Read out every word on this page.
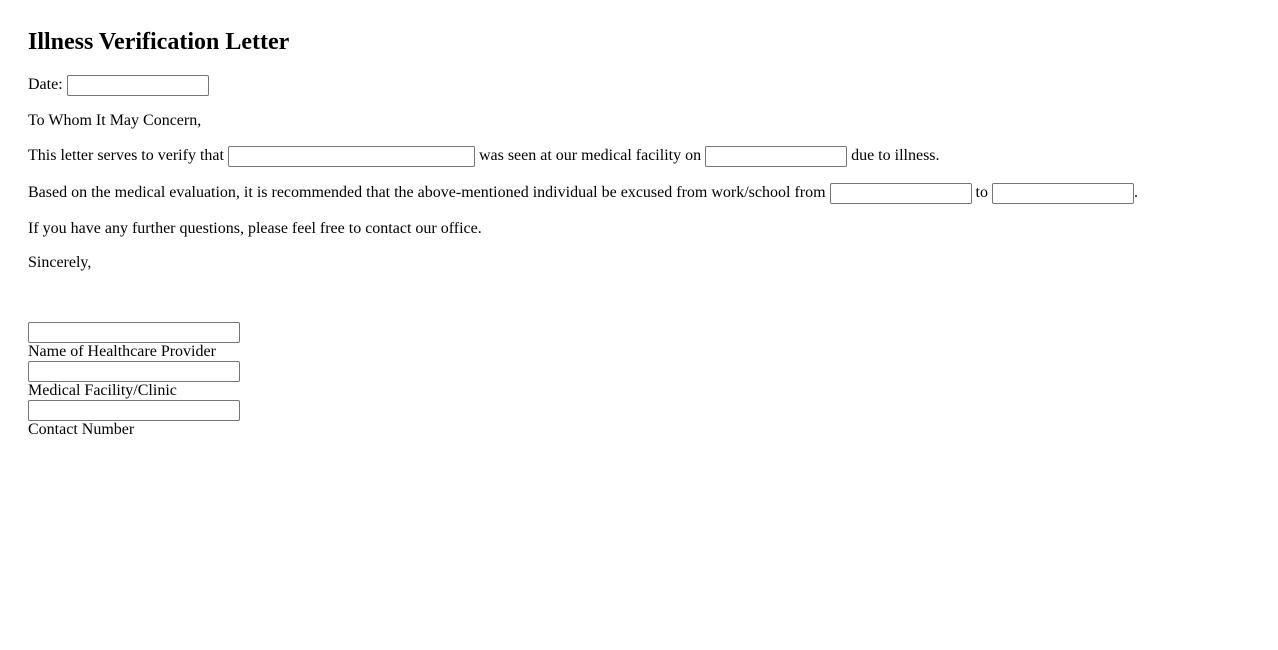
Illness Verification Letter
Date:
To Whom It May Concern,
This letter serves to verify that	was seen at our medical facility on	due to illness.
Based on the medical evaluation, it is recommended that the above-mentioned individual be excused from work/school from	to	.
If you have any further questions, please feel free to contact our office.
Sincerely,
Name of Healthcare Provider
Medical Facility/Clinic
Contact Number
